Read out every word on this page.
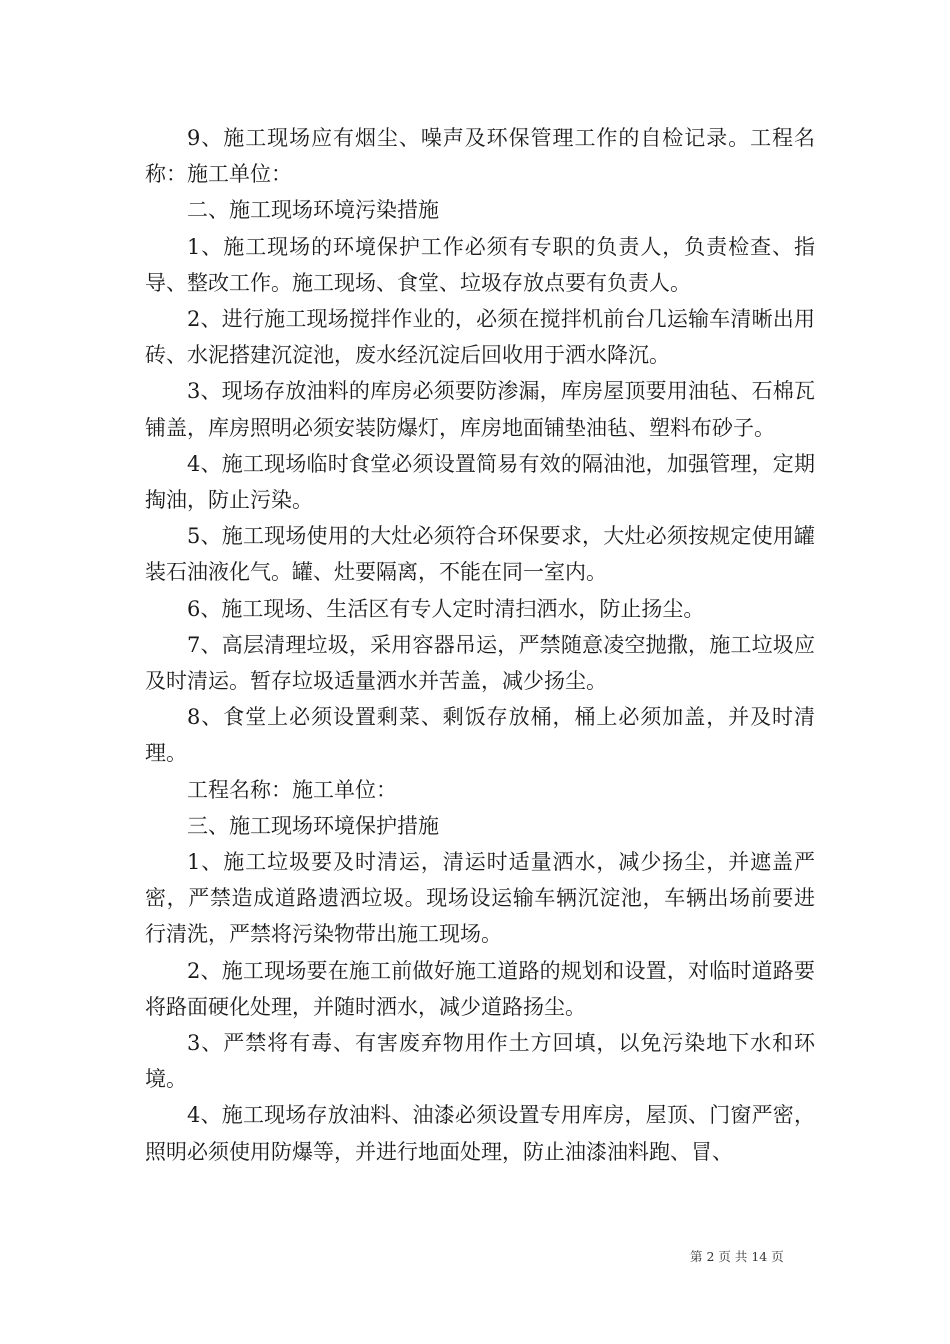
9、施工现场应有烟尘、噪声及环保管理工作的自检记录。工程名称：施工单位：

二、施工现场环境污染措施

1、施工现场的环境保护工作必须有专职的负责人，负责检查、指导、整改工作。施工现场、食堂、垃圾存放点要有负责人。

2、进行施工现场搅拌作业的，必须在搅拌机前台几运输车清晰出用砖、水泥搭建沉淀池，废水经沉淀后回收用于洒水降沉。

3、现场存放油料的库房必须要防渗漏，库房屋顶要用油毡、石棉瓦铺盖，库房照明必须安装防爆灯，库房地面铺垫油毡、塑料布砂子。

4、施工现场临时食堂必须设置简易有效的隔油池，加强管理，定期掏油，防止污染。

5、施工现场使用的大灶必须符合环保要求，大灶必须按规定使用罐装石油液化气。罐、灶要隔离，不能在同一室内。

6、施工现场、生活区有专人定时清扫洒水，防止扬尘。

7、高层清理垃圾，采用容器吊运，严禁随意凌空抛撒，施工垃圾应及时清运。暂存垃圾适量洒水并苦盖，减少扬尘。

8、食堂上必须设置剩菜、剩饭存放桶，桶上必须加盖，并及时清理。

工程名称：施工单位：

三、施工现场环境保护措施

1、施工垃圾要及时清运，清运时适量洒水，减少扬尘，并遮盖严密，严禁造成道路遗洒垃圾。现场设运输车辆沉淀池，车辆出场前要进行清洗，严禁将污染物带出施工现场。

2、施工现场要在施工前做好施工道路的规划和设置，对临时道路要将路面硬化处理，并随时洒水，减少道路扬尘。

3、严禁将有毒、有害废弃物用作土方回填，以免污染地下水和环境。

4、施工现场存放油料、油漆必须设置专用库房，屋顶、门窗严密，照明必须使用防爆等，并进行地面处理，防止油漆油料跑、冒、

第 2 页 共 14 页
